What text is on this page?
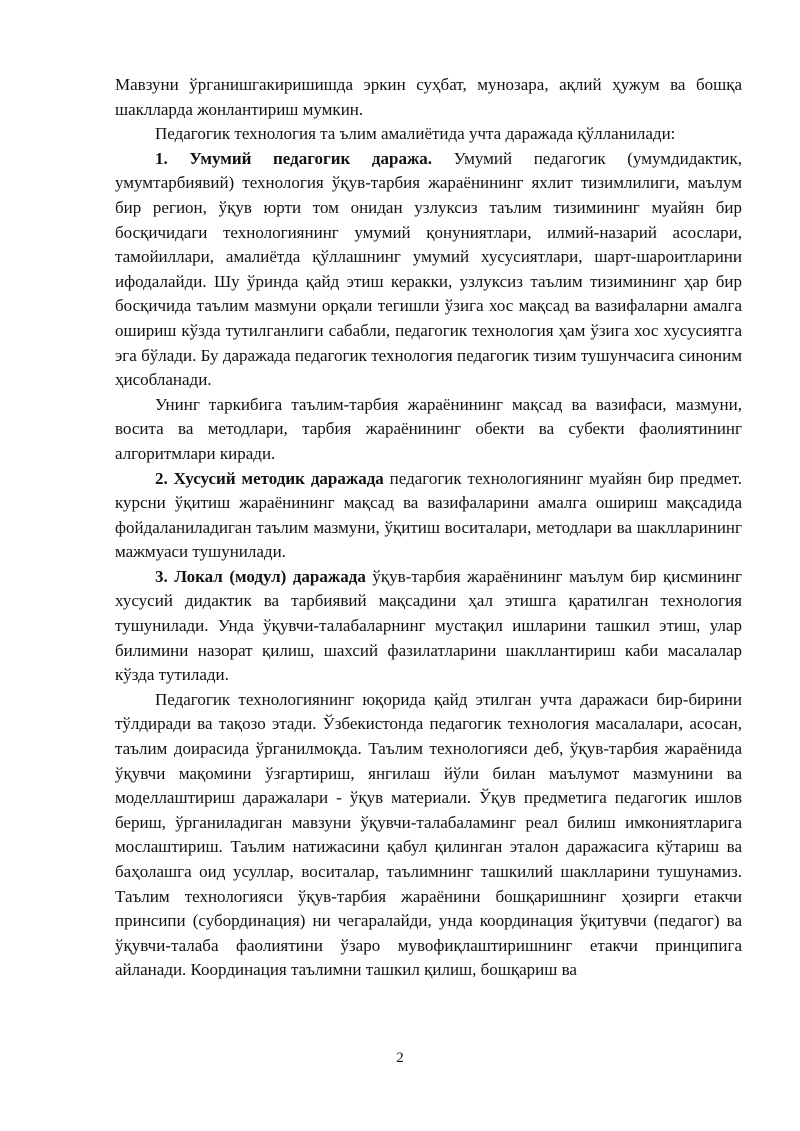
Мавзуни ўрганишгакиришишда эркин суҳбат, мунозара, ақлий ҳужум ва бошқа шаклларда жонлантириш мумкин.

Педагогик технология та ълим амалиётида учта даражада қўлланилади:

1. Умумий педагогик даража. Умумий педагогик (умумдидактик, умумтарбиявий) технология ўқув-тарбия жараёнининг яхлит тизимлилиги, маълум бир регион, ўқув юрти том онидан узлуксиз таълим тизимининг муайян бир босқичидаги технологиянинг умумий қонуниятлари, илмий-назарий асослари, тамойиллари, амалиётда қўллашнинг умумий хусусиятлари, шарт-шароитларини ифодалайди. Шу ўринда қайд этиш керакки, узлуксиз таълим тизимининг ҳар бир босқичида таълим мазмуни орқали тегишли ўзига хос мақсад ва вазифаларни амалга ошириш кўзда тутилганлиги сабабли, педагогик технология ҳам ўзига хос хусусиятга эга бўлади. Бу даражада педагогик технология педагогик тизим тушунчасига синоним ҳисобланади.

Унинг таркибига таълим-тарбия жараёнининг мақсад ва вазифаси, мазмуни, восита ва методлари, тарбия жараёнининг обекти ва субекти фаолиятининг алгоритмлари киради.

2. Хусусий методик даражада педагогик технологиянинг муайян бир предмет. курсни ўқитиш жараёнининг мақсад ва вазифаларини амалга ошириш мақсадида фойдаланиладиган таълим мазмуни, ўқитиш воситалари, методлари ва шаклларининг мажмуаси тушунилади.

3. Локал (модул) даражада ўқув-тарбия жараёнининг маълум бир қисмининг хусусий дидактик ва тарбиявий мақсадини ҳал этишга қаратилган технология тушунилади. Унда ўқувчи-талабаларнинг мустақил ишларини ташкил этиш, улар билимини назорат қилиш, шахсий фазилатларини шакллантириш каби масалалар кўзда тутилади.

Педагогик технологиянинг юқорида қайд этилган учта даражаси бир-бирини тўлдиради ва тақозо этади. Ўзбекистонда педагогик технология масалалари, асосан, таълим доирасида ўрганилмоқда. Таълим технологияси деб, ўқув-тарбия жараёнида ўқувчи мақомини ўзгартириш, янгилаш йўли билан маълумот мазмунини ва моделлаштириш даражалари - ўқув материали. Ўқув предметига педагогик ишлов бериш, ўрганиладиган мавзуни ўқувчи-талабаламинг реал билиш имкониятларига мослаштириш. Таълим натижасини қабул қилинган эталон даражасига кўтариш ва баҳолашга оид усуллар, воситалар, таълимнинг ташкилий шаклларини тушунамиз. Таълим технологияси ўқув-тарбия жараёнини бошқаришнинг ҳозирги етакчи принсипи (субординация) ни чегаралайди, унда координация ўқитувчи (педагог) ва ўқувчи-талаба фаолиятини ўзаро мувофиқлаштиришнинг етакчи принципига айланади. Координация таълимни ташкил қилиш, бошқариш ва

2
